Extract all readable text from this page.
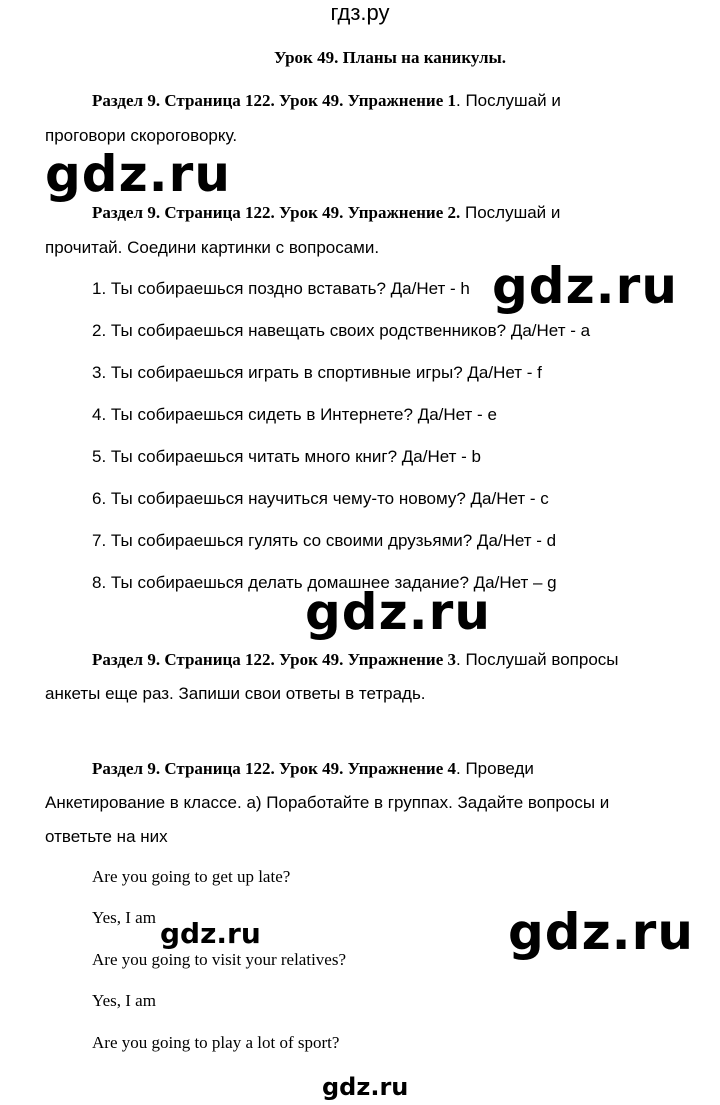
гдз.ру
Урок 49. Планы на каникулы.
Раздел 9. Страница 122. Урок 49. Упражнение 1. Послушай и
проговори скороговорку.
gdz.ru
Раздел 9. Страница 122. Урок 49. Упражнение 2. Послушай и
прочитай. Соедини картинки с вопросами.
1. Ты собираешься поздно вставать? Да/Нет - h
2. Ты собираешься навещать своих родственников? Да/Нет - a
3. Ты собираешься играть в спортивные игры? Да/Нет - f
4. Ты собираешься сидеть в Интернете? Да/Нет - e
5. Ты собираешься читать много книг? Да/Нет - b
6. Ты собираешься научиться чему-то новому? Да/Нет - c
7. Ты собираешься гулять со своими друзьями? Да/Нет - d
8. Ты собираешься делать домашнее задание? Да/Нет – g
gdz.ru
gdz.ru
Раздел 9. Страница 122. Урок 49. Упражнение 3. Послушай вопросы
анкеты еще раз. Запиши свои ответы в тетрадь.
Раздел 9. Страница 122. Урок 49. Упражнение 4. Проведи
Анкетирование в классе. а) Поработайте в группах. Задайте вопросы и
ответьте на них
Are you going to get up late?
Yes, I am
Are you going to visit your relatives?
Yes, I am
Are you going to play a lot of sport?
gdz.ru	gdz.ru
gdz.ru
